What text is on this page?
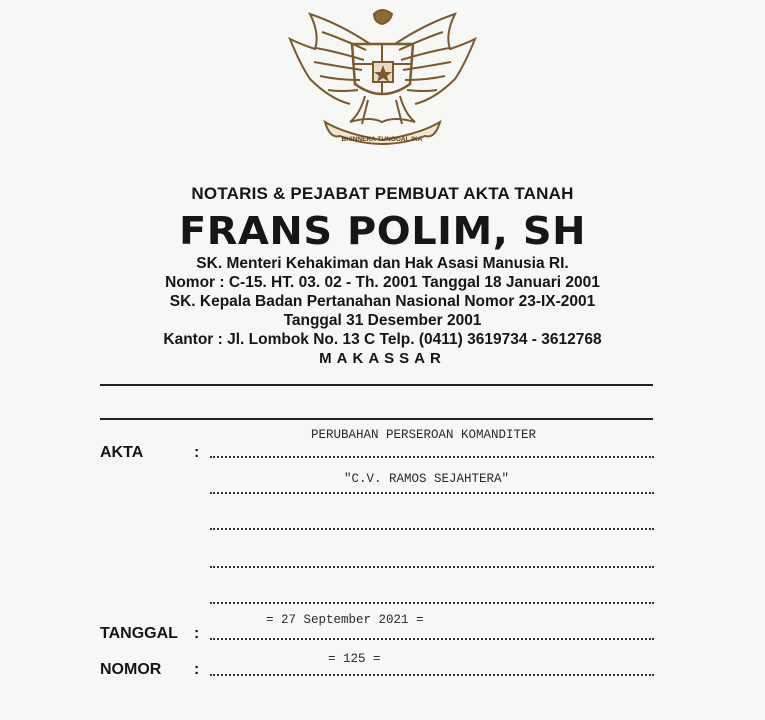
BHINNEKA TUNGGAL IKA
NOTARIS & PEJABAT PEMBUAT AKTA TANAH
FRANS POLIM, SH
SK. Menteri Kehakiman dan Hak Asasi Manusia RI.
Nomor : C-15. HT. 03. 02 - Th. 2001 Tanggal 18 Januari 2001
SK. Kepala Badan Pertanahan Nasional Nomor 23-IX-2001
Tanggal 31 Desember 2001
Kantor : Jl. Lombok No. 13 C Telp. (0411) 3619734 - 3612768
MAKASSAR
AKTA	:
PERUBAHAN PERSEROAN KOMANDITER
"C.V. RAMOS SEJAHTERA"
TANGGAL :
= 27 September 2021 =
NOMOR :
= 125 =
